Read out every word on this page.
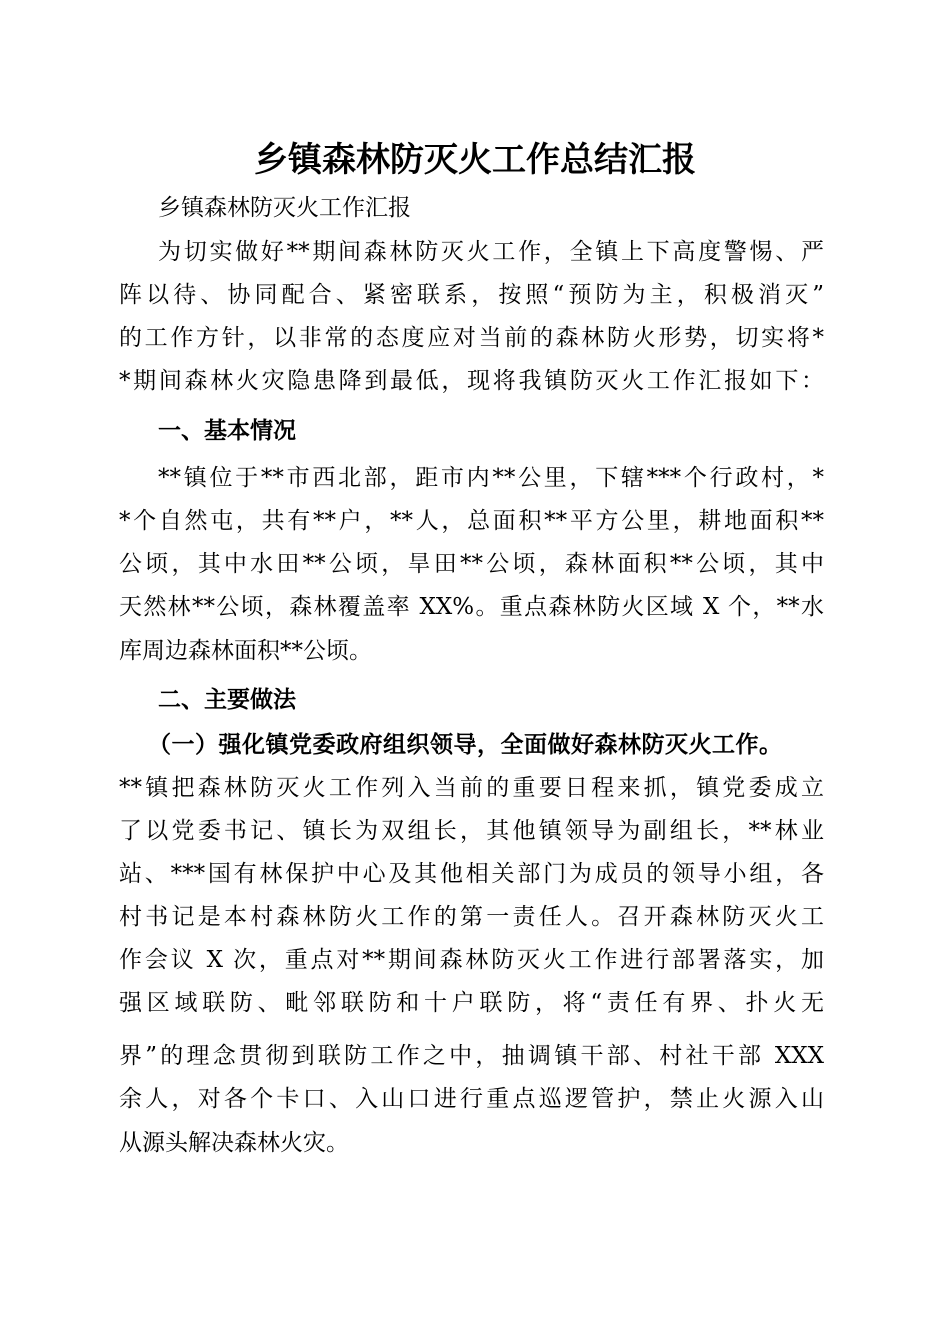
乡镇森林防灭火工作总结汇报
乡镇森林防灭火工作汇报
为切实做好**期间森林防灭火工作，全镇上下高度警惕、严
阵以待、协同配合、紧密联系，按照“预防为主，积极消灭”
的工作方针，以非常的态度应对当前的森林防火形势，切实将*
*期间森林火灾隐患降到最低，现将我镇防灭火工作汇报如下：
一、基本情况
**镇位于**市西北部，距市内**公里，下辖***个行政村，*
*个自然屯，共有**户，**人，总面积**平方公里，耕地面积**
公顷，其中水田**公顷，旱田**公顷，森林面积**公顷，其中
天然林**公顷，森林覆盖率 XX%。重点森林防火区域 X 个，**水
库周边森林面积**公顷。
二、主要做法
（一）强化镇党委政府组织领导，全面做好森林防灭火工作。
**镇把森林防灭火工作列入当前的重要日程来抓，镇党委成立
了以党委书记、镇长为双组长，其他镇领导为副组长，**林业
站、***国有林保护中心及其他相关部门为成员的领导小组，各
村书记是本村森林防火工作的第一责任人。召开森林防灭火工
作会议 X 次，重点对**期间森林防灭火工作进行部署落实，加
强区域联防、毗邻联防和十户联防，将“责任有界、扑火无
界”的理念贯彻到联防工作之中，抽调镇干部、村社干部 XXX
余人，对各个卡口、入山口进行重点巡逻管护，禁止火源入山
从源头解决森林火灾。
